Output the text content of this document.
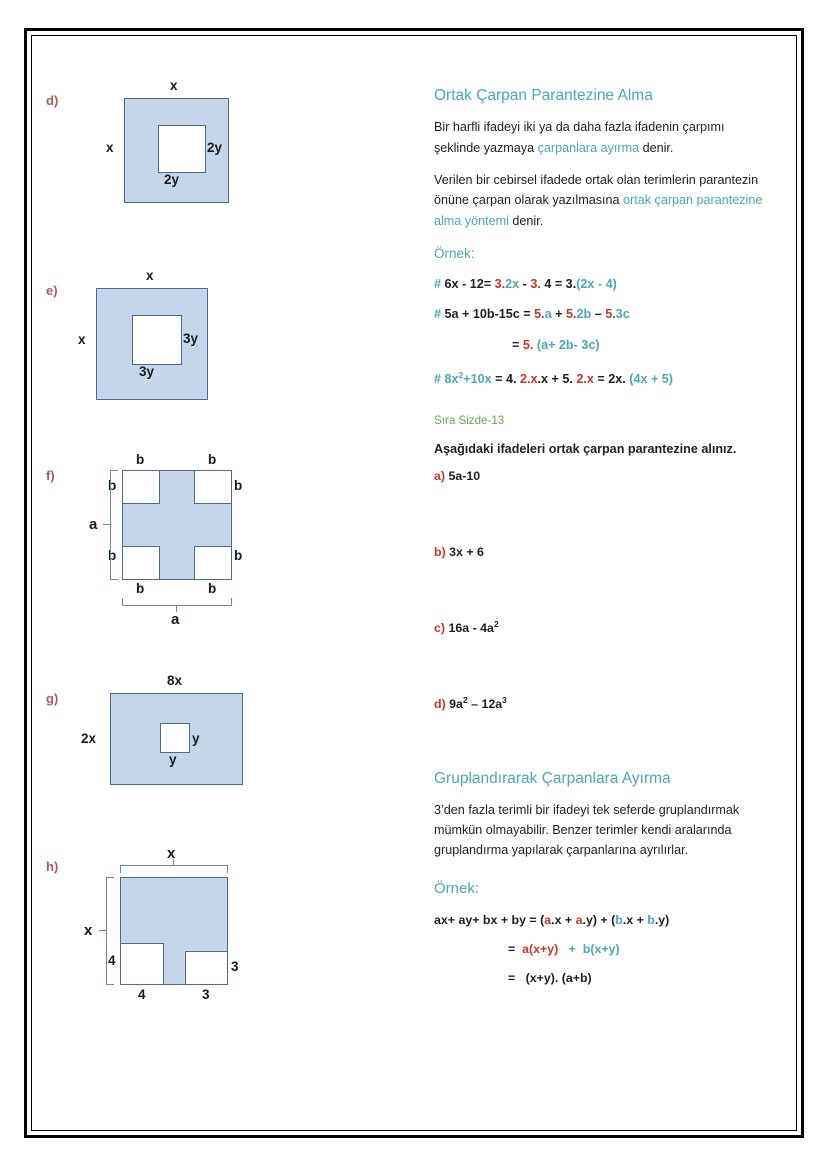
d)
x
x	2y
2y
e)
x
x	3y
3y
f)
b	b
b	b
b	b
b	b
a
a
g)
8x
2x	y
y
h)
x
x
4
4
3
3
Ortak Çarpan Parantezine Alma

Bir harfli ifadeyi iki ya da daha fazla ifadenin çarpımı şeklinde yazmaya çarpanlara ayırma denir.

Verilen bir cebirsel ifadede ortak olan terimlerin parantezin önüne çarpan olarak yazılmasına ortak çarpan parantezine alma yöntemi denir.

Örnek:

# 6x - 12= 3.2x - 3. 4 = 3.(2x - 4)

# 5a + 10b-15c = 5.a + 5.2b – 5.3c

= 5. (a+ 2b- 3c)

# $8x^2+10x = 4$. 2.x.x + 5. 2.x = 2x. (4x + 5)

Sıra Sizde-13

Aşağıdaki ifadeleri ortak çarpan parantezine alınız.

a) 5a-10

b) 3x + 6

c) $16a - 4a^2$

d) $9a^2 - 12a^3$

Gruplandırarak Çarpanlara Ayırma

3’den fazla terimli bir ifadeyi tek seferde gruplandırmak mümkün olmayabilir. Benzer terimler kendi aralarında gruplandırma yapılarak çarpanlarına ayrılırlar.

Örnek:

ax+ ay+ bx + by = (a.x + a.y) + (b.x + b.y)

= a(x+y) + b(x+y)

= (x+y). (a+b)
